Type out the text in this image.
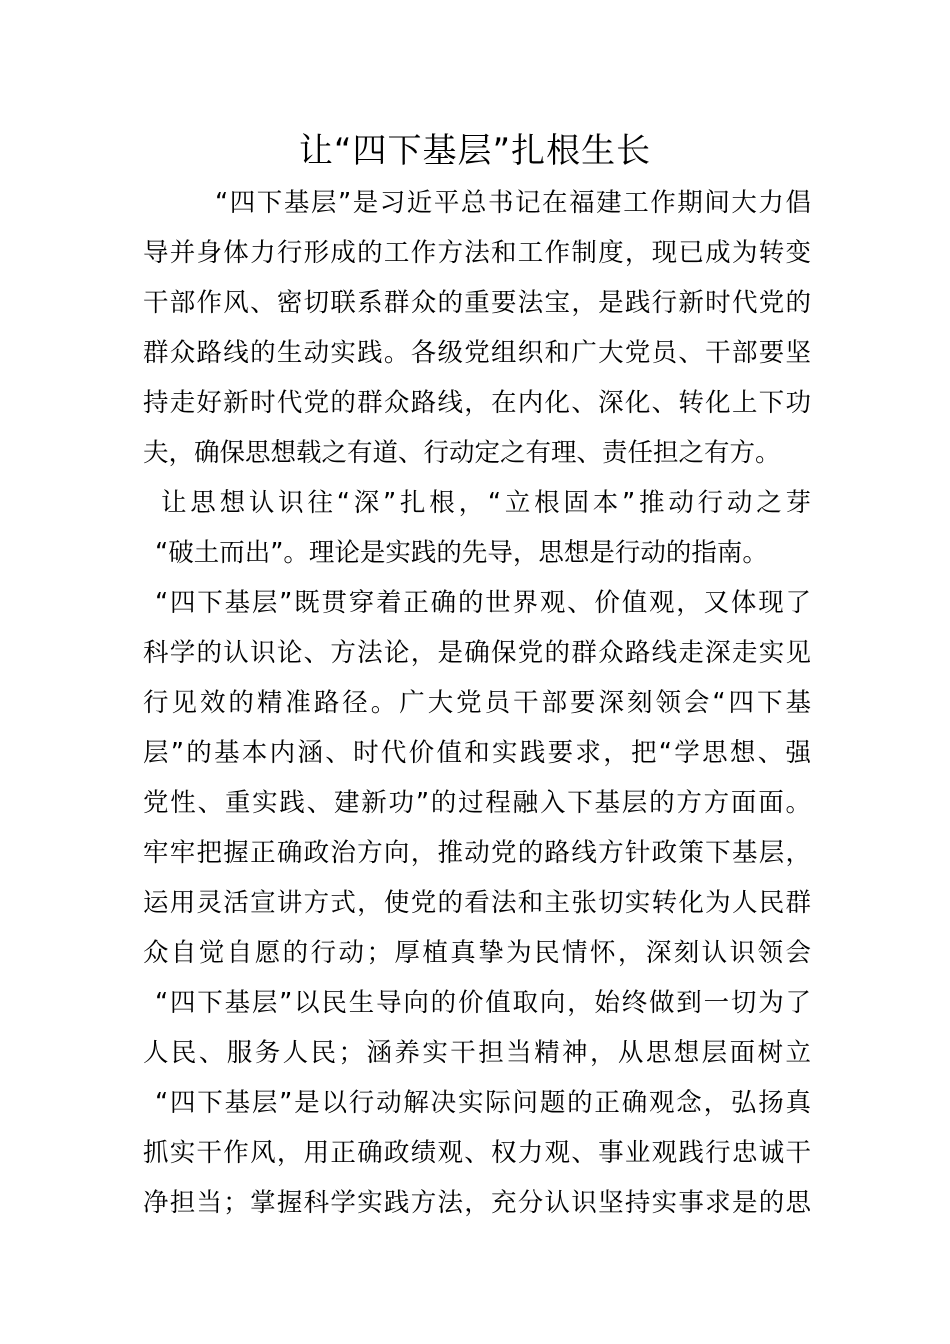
让“四下基层”扎根生长
“四下基层”是习近平总书记在福建工作期间大力倡
导并身体力行形成的工作方法和工作制度，现已成为转变
干部作风、密切联系群众的重要法宝，是践行新时代党的
群众路线的生动实践。各级党组织和广大党员、干部要坚
持走好新时代党的群众路线，在内化、深化、转化上下功
夫，确保思想载之有道、行动定之有理、责任担之有方。
让思想认识往“深”扎根，“立根固本”推动行动之芽
“破土而出”。理论是实践的先导，思想是行动的指南。
“四下基层”既贯穿着正确的世界观、价值观，又体现了
科学的认识论、方法论，是确保党的群众路线走深走实见
行见效的精准路径。广大党员干部要深刻领会“四下基
层”的基本内涵、时代价值和实践要求，把“学思想、强
党性、重实践、建新功”的过程融入下基层的方方面面。
牢牢把握正确政治方向，推动党的路线方针政策下基层，
运用灵活宣讲方式，使党的看法和主张切实转化为人民群
众自觉自愿的行动；厚植真挚为民情怀，深刻认识领会
“四下基层”以民生导向的价值取向，始终做到一切为了
人民、服务人民；涵养实干担当精神，从思想层面树立
“四下基层”是以行动解决实际问题的正确观念，弘扬真
抓实干作风，用正确政绩观、权力观、事业观践行忠诚干
净担当；掌握科学实践方法，充分认识坚持实事求是的思
